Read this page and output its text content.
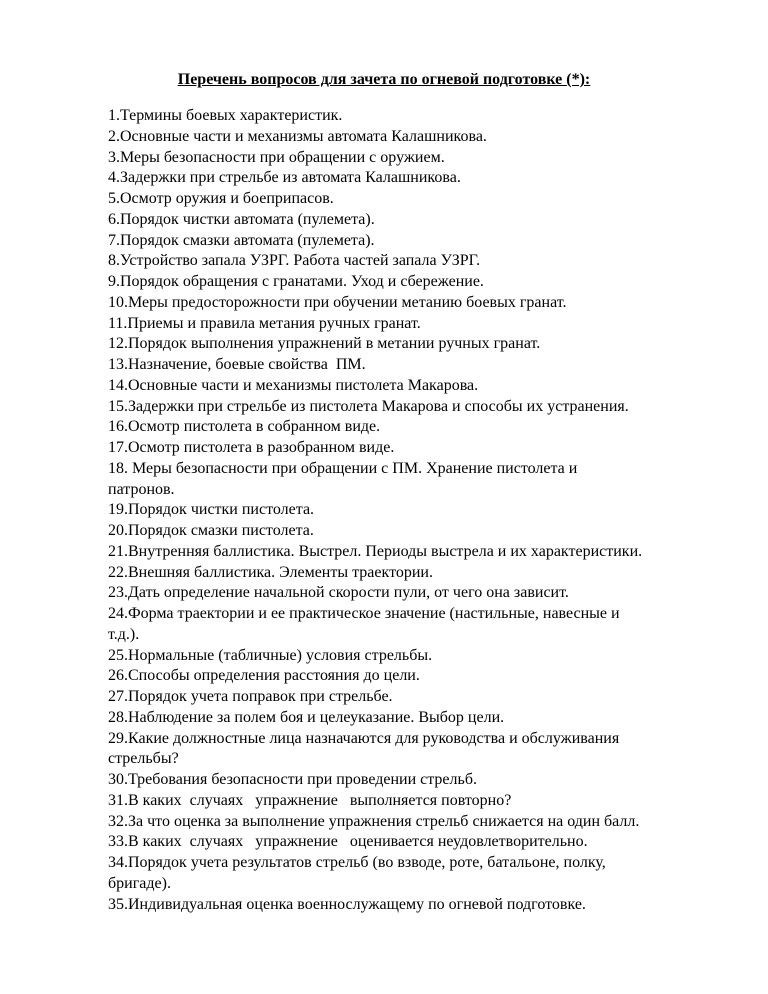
Перечень вопросов для зачета по огневой подготовке (*):
1.Термины боевых характеристик.
2.Основные части и механизмы автомата Калашникова.
3.Меры безопасности при обращении с оружием.
4.Задержки при стрельбе из автомата Калашникова.
5.Осмотр оружия и боеприпасов.
6.Порядок чистки автомата (пулемета).
7.Порядок смазки автомата (пулемета).
8.Устройство запала УЗРГ. Работа частей запала УЗРГ.
9.Порядок обращения с гранатами. Уход и сбережение.
10.Меры предосторожности при обучении метанию боевых гранат.
11.Приемы и правила метания ручных гранат.
12.Порядок выполнения упражнений в метании ручных гранат.
13.Назначение, боевые свойства  ПМ.
14.Основные части и механизмы пистолета Макарова.
15.Задержки при стрельбе из пистолета Макарова и способы их устранения.
16.Осмотр пистолета в собранном виде.
17.Осмотр пистолета в разобранном виде.
18. Меры безопасности при обращении с ПМ. Хранение пистолета и
патронов.
19.Порядок чистки пистолета.
20.Порядок смазки пистолета.
21.Внутренняя баллистика. Выстрел. Периоды выстрела и их характеристики.
22.Внешняя баллистика. Элементы траектории.
23.Дать определение начальной скорости пули, от чего она зависит.
24.Форма траектории и ее практическое значение (настильные, навесные и
т.д.).
25.Нормальные (табличные) условия стрельбы.
26.Способы определения расстояния до цели.
27.Порядок учета поправок при стрельбе.
28.Наблюдение за полем боя и целеуказание. Выбор цели.
29.Какие должностные лица назначаются для руководства и обслуживания
стрельбы?
30.Требования безопасности при проведении стрельб.
31.В каких  случаях   упражнение   выполняется повторно?
32.За что оценка за выполнение упражнения стрельб снижается на один балл.
33.В каких  случаях   упражнение   оценивается неудовлетворительно.
34.Порядок учета результатов стрельб (во взводе, роте, батальоне, полку,
бригаде).
35.Индивидуальная оценка военнослужащему по огневой подготовке.
